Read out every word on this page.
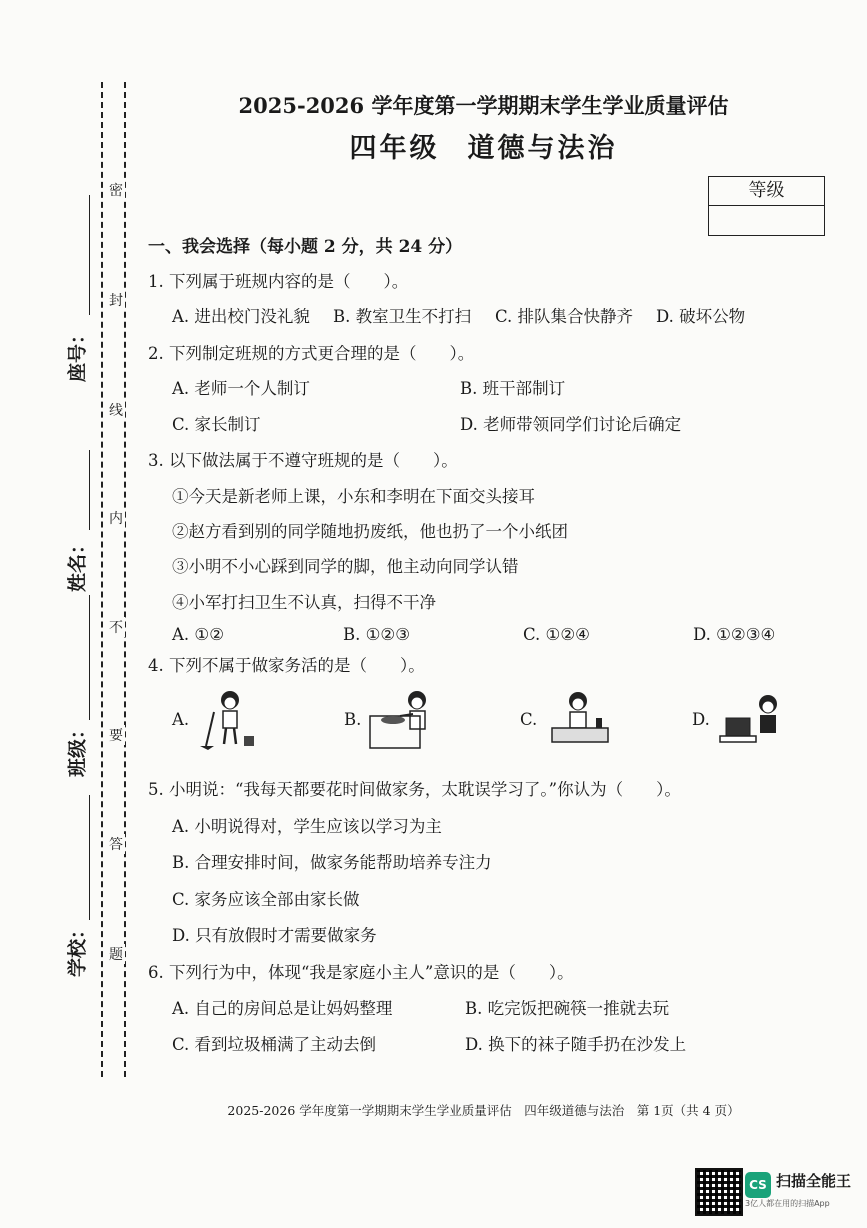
密
封
线
内
不
要
答
题
座号：
姓名：
班级：
学校：
2025-2026 学年度第一学期期末学生学业质量评估
四年级 道德与法治
等级
一、我会选择（每小题 2 分，共 24 分）
1. 下列属于班规内容的是（　　）。
A. 进出校门没礼貌 B. 教室卫生不打扫 C. 排队集合快静齐 D. 破坏公物
2. 下列制定班规的方式更合理的是（　　）。
A. 老师一个人制订	B. 班干部制订
C. 家长制订	D. 老师带领同学们讨论后确定
3. 以下做法属于不遵守班规的是（　　）。
①今天是新老师上课，小东和李明在下面交头接耳
②赵方看到别的同学随地扔废纸，他也扔了一个小纸团
③小明不小心踩到同学的脚，他主动向同学认错
④小军打扫卫生不认真，扫得不干净
A. ①②	B. ①②③	C. ①②④	D. ①②③④
4. 下列不属于做家务活的是（　　）。
A.	B.	C.	D.
5. 小明说：“我每天都要花时间做家务，太耽误学习了。”你认为（　　）。
A. 小明说得对，学生应该以学习为主
B. 合理安排时间，做家务能帮助培养专注力
C. 家务应该全部由家长做
D. 只有放假时才需要做家务
6. 下列行为中，体现“我是家庭小主人”意识的是（　　）。
A. 自己的房间总是让妈妈整理	B. 吃完饭把碗筷一推就去玩
C. 看到垃圾桶满了主动去倒	D. 换下的袜子随手扔在沙发上
2025-2026 学年度第一学期期末学生学业质量评估　四年级道德与法治　第 1页（共 4 页）
CS 扫描全能王
3亿人都在用的扫描App
